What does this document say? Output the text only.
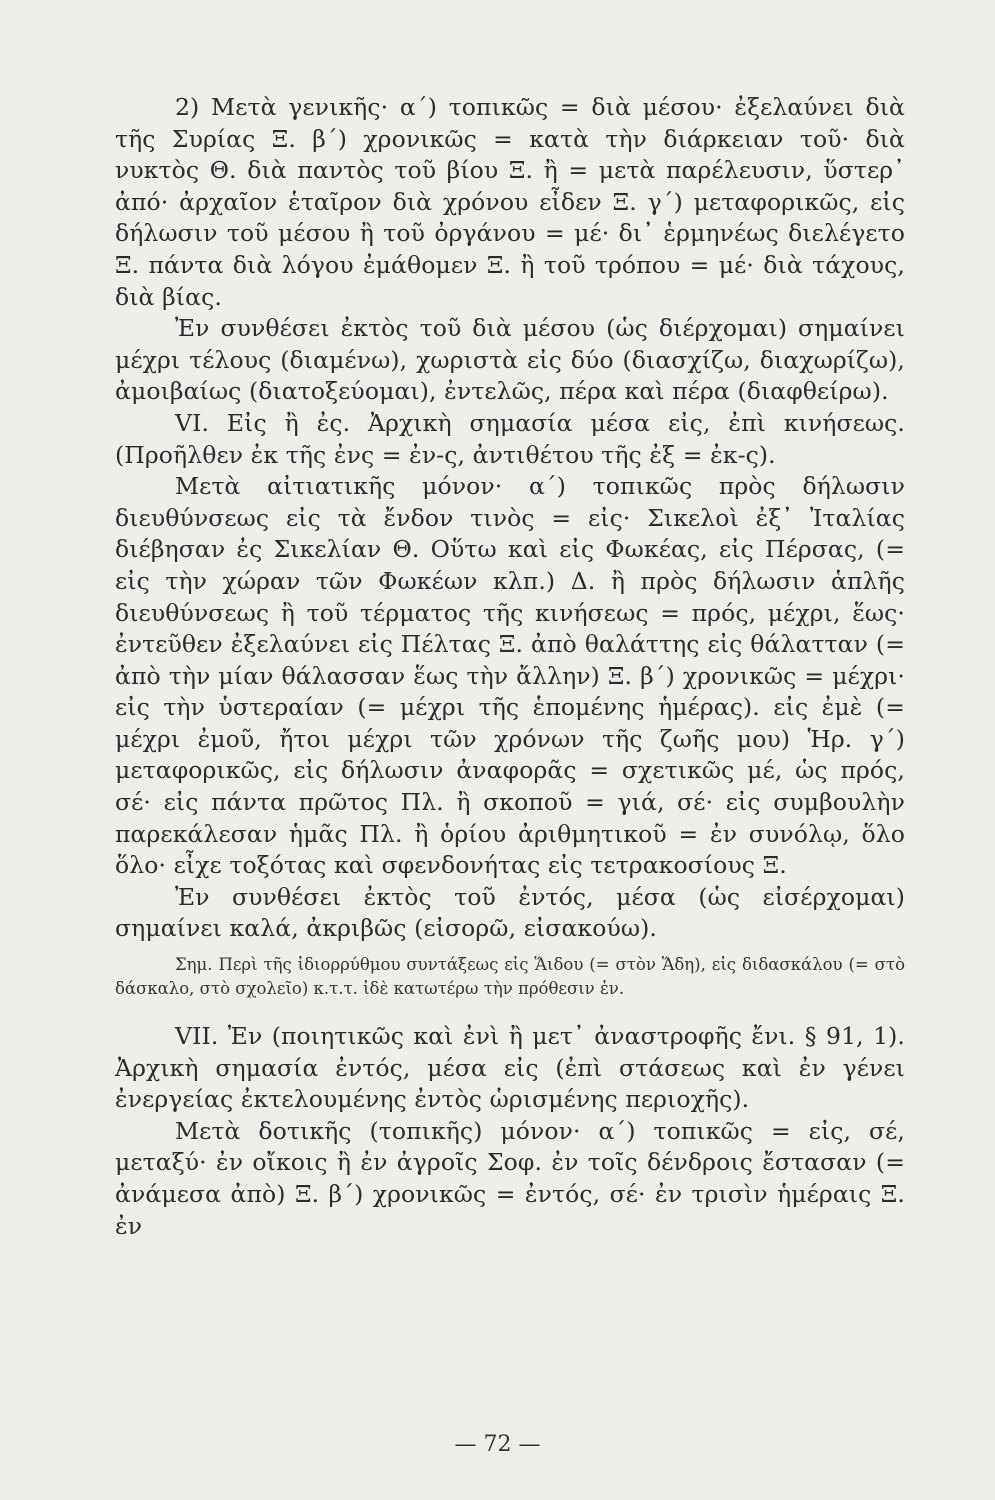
2) Μετὰ γενικῆς· α΄) τοπικῶς = διὰ μέσου· ἐξελαύνει διὰ τῆς Συρίας Ξ. β΄) χρονικῶς = κατὰ τὴν διάρκειαν τοῦ· διὰ νυκτὸς Θ. διὰ παντὸς τοῦ βίου Ξ. ἢ = μετὰ παρέλευσιν, ὕστερ᾽ ἀπό· ἀρχαῖον ἑταῖρον διὰ χρόνου εἶδεν Ξ. γ΄) μεταφορικῶς, εἰς δήλωσιν τοῦ μέσου ἢ τοῦ ὀργάνου = μέ· δι᾽ ἑρμηνέως διελέγετο Ξ. πάντα διὰ λόγου ἐμάθομεν Ξ. ἢ τοῦ τρόπου = μέ· διὰ τάχους, διὰ βίας.

Ἐν συνθέσει ἐκτὸς τοῦ διὰ μέσου (ὡς διέρχομαι) σημαίνει μέχρι τέλους (διαμένω), χωριστὰ εἰς δύο (διασχίζω, διαχωρίζω), ἀμοιβαίως (διατοξεύομαι), ἐντελῶς, πέρα καὶ πέρα (διαφθείρω).

VI. Εἰς ἢ ἐς. Ἀρχικὴ σημασία μέσα εἰς, ἐπὶ κινήσεως. (Προῆλθεν ἐκ τῆς ἐνς = ἐν-ς, ἀντιθέτου τῆς ἐξ = ἐκ-ς).

Μετὰ αἰτιατικῆς μόνον· α΄) τοπικῶς πρὸς δήλωσιν διευθύνσεως εἰς τὰ ἔνδον τινὸς = εἰς· Σικελοὶ ἐξ᾽ Ἰταλίας διέβησαν ἐς Σικελίαν Θ. Οὕτω καὶ εἰς Φωκέας, εἰς Πέρσας, (= εἰς τὴν χώραν τῶν Φωκέων κλπ.) Δ. ἢ πρὸς δήλωσιν ἁπλῆς διευθύνσεως ἢ τοῦ τέρματος τῆς κινήσεως = πρός, μέχρι, ἕως· ἐντεῦθεν ἐξελαύνει εἰς Πέλτας Ξ. ἀπὸ θαλάττης εἰς θάλατταν (= ἀπὸ τὴν μίαν θάλασσαν ἕως τὴν ἄλλην) Ξ. β΄) χρονικῶς = μέχρι· εἰς τὴν ὑστεραίαν (= μέχρι τῆς ἑπομένης ἡμέρας). εἰς ἐμὲ (= μέχρι ἐμοῦ, ἤτοι μέχρι τῶν χρόνων τῆς ζωῆς μου) Ἡρ. γ΄) μεταφορικῶς, εἰς δήλωσιν ἀναφορᾶς = σχετικῶς μέ, ὡς πρός, σέ· εἰς πάντα πρῶτος Πλ. ἢ σκοποῦ = γιά, σέ· εἰς συμβουλὴν παρεκάλεσαν ἡμᾶς Πλ. ἢ ὁρίου ἀριθμητικοῦ = ἐν συνόλῳ, ὅλο ὅλο· εἶχε τοξότας καὶ σφενδονήτας εἰς τετρακοσίους Ξ.

Ἐν συνθέσει ἐκτὸς τοῦ ἐντός, μέσα (ὡς εἰσέρχομαι) σημαίνει καλά, ἀκριβῶς (εἰσορῶ, εἰσακούω).

Σημ. Περὶ τῆς ἰδιορρύθμου συντάξεως εἰς Ἅιδου (= στὸν Ἅδη), εἰς διδασκάλου (= στὸ δάσκαλο, στὸ σχολεῖο) κ.τ.τ. ἰδὲ κατωτέρω τὴν πρόθεσιν ἐν.

VII. Ἐν (ποιητικῶς καὶ ἐνὶ ἢ μετ᾽ ἀναστροφῆς ἔνι. § 91, 1). Ἀρχικὴ σημασία ἐντός, μέσα εἰς (ἐπὶ στάσεως καὶ ἐν γένει ἐνεργείας ἐκτελουμένης ἐντὸς ὡρισμένης περιοχῆς).

Μετὰ δοτικῆς (τοπικῆς) μόνον· α΄) τοπικῶς = εἰς, σέ, μεταξύ· ἐν οἴκοις ἢ ἐν ἀγροῖς Σοφ. ἐν τοῖς δένδροις ἔστασαν (= ἀνάμεσα ἀπὸ) Ξ. β΄) χρονικῶς = ἐντός, σέ· ἐν τρισὶν ἡμέραις Ξ. ἐν

— 72 —
